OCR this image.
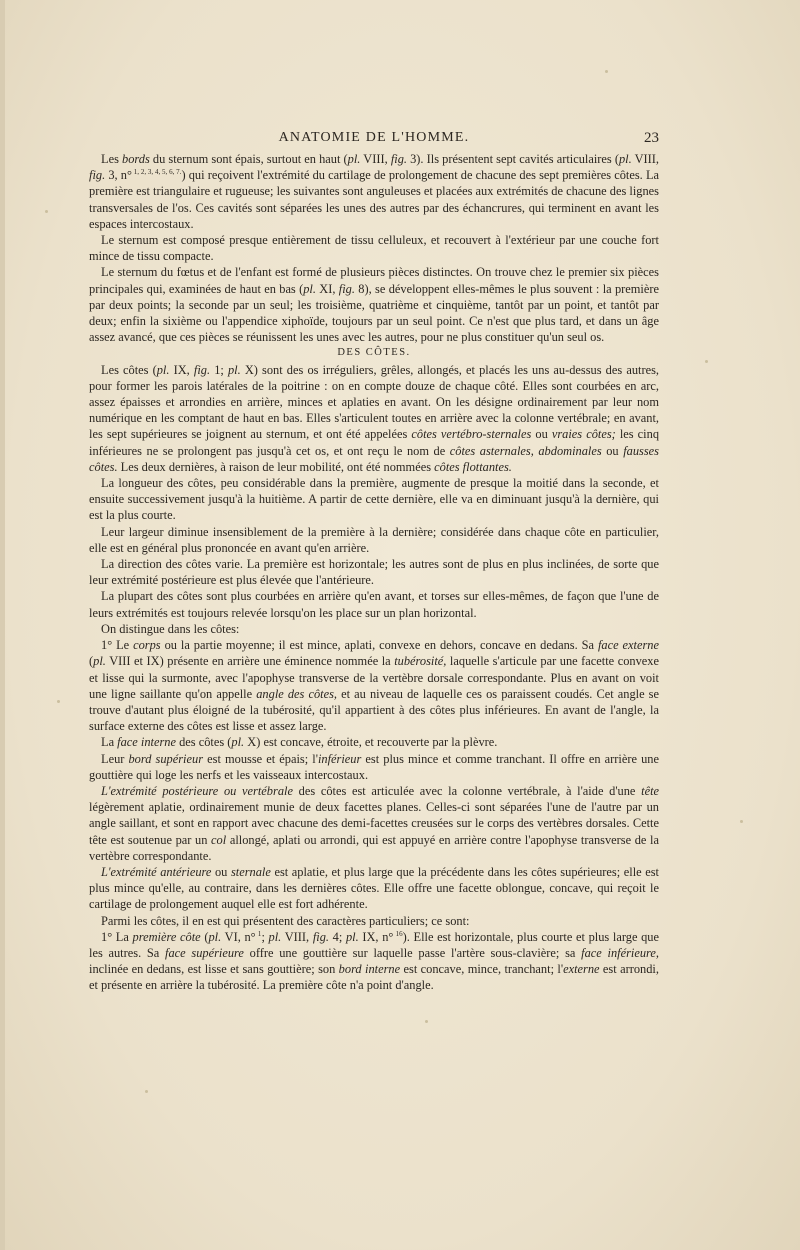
ANATOMIE DE L'HOMME.	23

Les bords du sternum sont épais, surtout en haut (pl. VIII, fig. 3). Ils présentent sept cavités articulaires (pl. VIII, fig. 3, n° $^{1, 2, 3, 4, 5, 6, 7.}$) qui reçoivent l'extrémité du cartilage de prolongement de chacune des sept premières côtes. La première est triangulaire et rugueuse; les suivantes sont anguleuses et placées aux extrémités de chacune des lignes transversales de l'os. Ces cavités sont séparées les unes des autres par des échancrures, qui terminent en avant les espaces intercostaux.

Le sternum est composé presque entièrement de tissu celluleux, et recouvert à l'extérieur par une couche fort mince de tissu compacte.

Le sternum du fœtus et de l'enfant est formé de plusieurs pièces distinctes. On trouve chez le premier six pièces principales qui, examinées de haut en bas (pl. XI, fig. 8), se développent elles-mêmes le plus souvent : la première par deux points; la seconde par un seul; les troisième, quatrième et cinquième, tantôt par un point, et tantôt par deux; enfin la sixième ou l'appendice xiphoïde, toujours par un seul point. Ce n'est que plus tard, et dans un âge assez avancé, que ces pièces se réunissent les unes avec les autres, pour ne plus constituer qu'un seul os.

DES CÔTES.

Les côtes (pl. IX, fig. 1; pl. X) sont des os irréguliers, grêles, allongés, et placés les uns au-dessus des autres, pour former les parois latérales de la poitrine : on en compte douze de chaque côté. Elles sont courbées en arc, assez épaisses et arrondies en arrière, minces et aplaties en avant. On les désigne ordinairement par leur nom numérique en les comptant de haut en bas. Elles s'articulent toutes en arrière avec la colonne vertébrale; en avant, les sept supérieures se joignent au sternum, et ont été appelées côtes vertébro-sternales ou vraies côtes; les cinq inférieures ne se prolongent pas jusqu'à cet os, et ont reçu le nom de côtes asternales, abdominales ou fausses côtes. Les deux dernières, à raison de leur mobilité, ont été nommées côtes flottantes.

La longueur des côtes, peu considérable dans la première, augmente de presque la moitié dans la seconde, et ensuite successivement jusqu'à la huitième. A partir de cette dernière, elle va en diminuant jusqu'à la dernière, qui est la plus courte.

Leur largeur diminue insensiblement de la première à la dernière; considérée dans chaque côte en particulier, elle est en général plus prononcée en avant qu'en arrière.

La direction des côtes varie. La première est horizontale; les autres sont de plus en plus inclinées, de sorte que leur extrémité postérieure est plus élevée que l'antérieure.

La plupart des côtes sont plus courbées en arrière qu'en avant, et torses sur elles-mêmes, de façon que l'une de leurs extrémités est toujours relevée lorsqu'on les place sur un plan horizontal.

On distingue dans les côtes:

1° Le corps ou la partie moyenne; il est mince, aplati, convexe en dehors, concave en dedans. Sa face externe (pl. VIII et IX) présente en arrière une éminence nommée la tubérosité, laquelle s'articule par une facette convexe et lisse qui la surmonte, avec l'apophyse transverse de la vertèbre dorsale correspondante. Plus en avant on voit une ligne saillante qu'on appelle angle des côtes, et au niveau de laquelle ces os paraissent coudés. Cet angle se trouve d'autant plus éloigné de la tubérosité, qu'il appartient à des côtes plus inférieures. En avant de l'angle, la surface externe des côtes est lisse et assez large.

La face interne des côtes (pl. X) est concave, étroite, et recouverte par la plèvre.

Leur bord supérieur est mousse et épais; l'inférieur est plus mince et comme tranchant. Il offre en arrière une gouttière qui loge les nerfs et les vaisseaux intercostaux.

L'extrémité postérieure ou vertébrale des côtes est articulée avec la colonne vertébrale, à l'aide d'une tête légèrement aplatie, ordinairement munie de deux facettes planes. Celles-ci sont séparées l'une de l'autre par un angle saillant, et sont en rapport avec chacune des demi-facettes creusées sur le corps des vertèbres dorsales. Cette tête est soutenue par un col allongé, aplati ou arrondi, qui est appuyé en arrière contre l'apophyse transverse de la vertèbre correspondante.

L'extrémité antérieure ou sternale est aplatie, et plus large que la précédente dans les côtes supérieures; elle est plus mince qu'elle, au contraire, dans les dernières côtes. Elle offre une facette oblongue, concave, qui reçoit le cartilage de prolongement auquel elle est fort adhérente.

Parmi les côtes, il en est qui présentent des caractères particuliers; ce sont:

1° La première côte (pl. VI, n° $^1$; pl. VIII, fig. 4; pl. IX, n° $^{16}$). Elle est horizontale, plus courte et plus large que les autres. Sa face supérieure offre une gouttière sur laquelle passe l'artère sous-clavière; sa face inférieure, inclinée en dedans, est lisse et sans gouttière; son bord interne est concave, mince, tranchant; l'externe est arrondi, et présente en arrière la tubérosité. La première côte n'a point d'angle.
